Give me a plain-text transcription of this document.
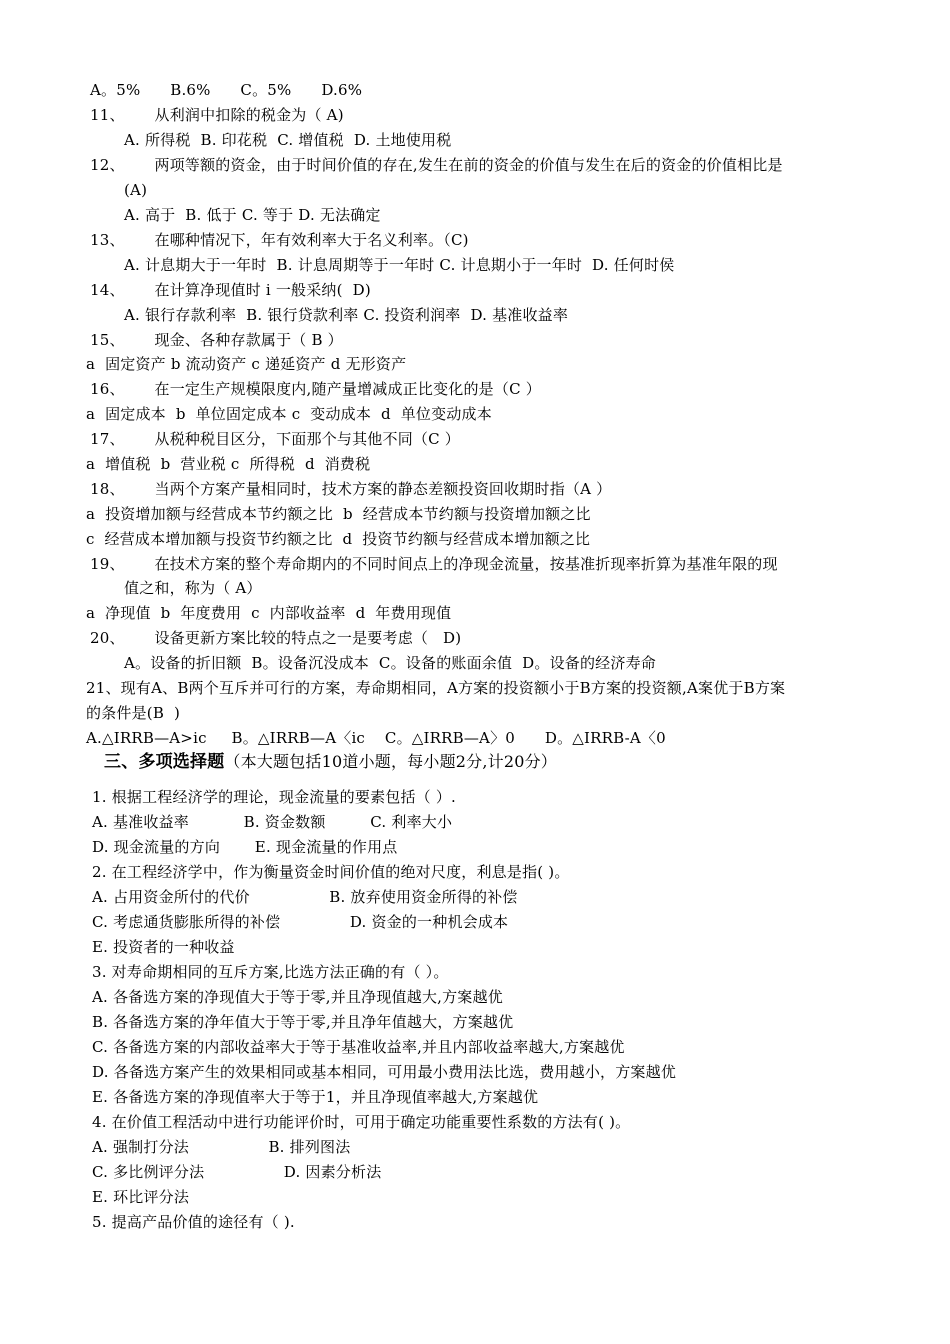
A。5%      B.6%      C。5%      D.6%
11、      从利润中扣除的税金为（ A)
A. 所得税  B. 印花税  C. 增值税  D. 土地使用税
12、      两项等额的资金，由于时间价值的存在,发生在前的资金的价值与发生在后的资金的价值相比是
(A)
A. 高于  B. 低于 C. 等于 D. 无法确定
13、      在哪种情况下，年有效利率大于名义利率。（C)
A. 计息期大于一年时  B. 计息周期等于一年时 C. 计息期小于一年时  D. 任何时侯
14、      在计算净现值时 i 一般采纳(  D)
A. 银行存款利率  B. 银行贷款利率 C. 投资利润率  D. 基准收益率
15、      现金、各种存款属于（ B ）
a  固定资产 b 流动资产 c 递延资产 d 无形资产
16、      在一定生产规模限度内,随产量增减成正比变化的是（C ）
a  固定成本  b  单位固定成本 c  变动成本  d  单位变动成本
17、      从税种税目区分，下面那个与其他不同（C ）
a  增值税  b  营业税 c  所得税  d  消费税
18、      当两个方案产量相同时，技术方案的静态差额投资回收期时指（A ）
a  投资增加额与经营成本节约额之比  b  经营成本节约额与投资增加额之比
c  经营成本增加额与投资节约额之比  d  投资节约额与经营成本增加额之比
19、      在技术方案的整个寿命期内的不同时间点上的净现金流量，按基准折现率折算为基准年限的现
值之和，称为（ A）
a  净现值  b  年度费用  c  内部收益率  d  年费用现值
20、      设备更新方案比较的特点之一是要考虑（   D)
A。设备的折旧额  B。设备沉没成本  C。设备的账面余值  D。设备的经济寿命
21、现有A、B两个互斥并可行的方案，寿命期相同，A方案的投资额小于B方案的投资额,A案优于B方案
的条件是(B  )
A.△IRRB—A>ic     B。△IRRB—A〈ic    C。△IRRB—A〉0      D。△IRRB-A〈0
三、多项选择题（本大题包括10道小题，每小题2分,计20分）
1. 根据工程经济学的理论，现金流量的要素包括（ ）.
A. 基准收益率           B. 资金数额         C. 利率大小
D. 现金流量的方向       E. 现金流量的作用点
2. 在工程经济学中，作为衡量资金时间价值的绝对尺度，利息是指( )。
A. 占用资金所付的代价                B. 放弃使用资金所得的补偿
C. 考虑通货膨胀所得的补偿              D. 资金的一种机会成本
E. 投资者的一种收益
3. 对寿命期相同的互斥方案,比选方法正确的有（ ）。
A. 各备选方案的净现值大于等于零,并且净现值越大,方案越优
B. 各备选方案的净年值大于等于零,并且净年值越大，方案越优
C. 各备选方案的内部收益率大于等于基准收益率,并且内部收益率越大,方案越优
D. 各备选方案产生的效果相同或基本相同，可用最小费用法比选，费用越小，方案越优
E. 各备选方案的净现值率大于等于1，并且净现值率越大,方案越优
4. 在价值工程活动中进行功能评价时，可用于确定功能重要性系数的方法有( )。
A. 强制打分法                B. 排列图法
C. 多比例评分法                D. 因素分析法
E. 环比评分法
5. 提高产品价值的途径有（ ).
